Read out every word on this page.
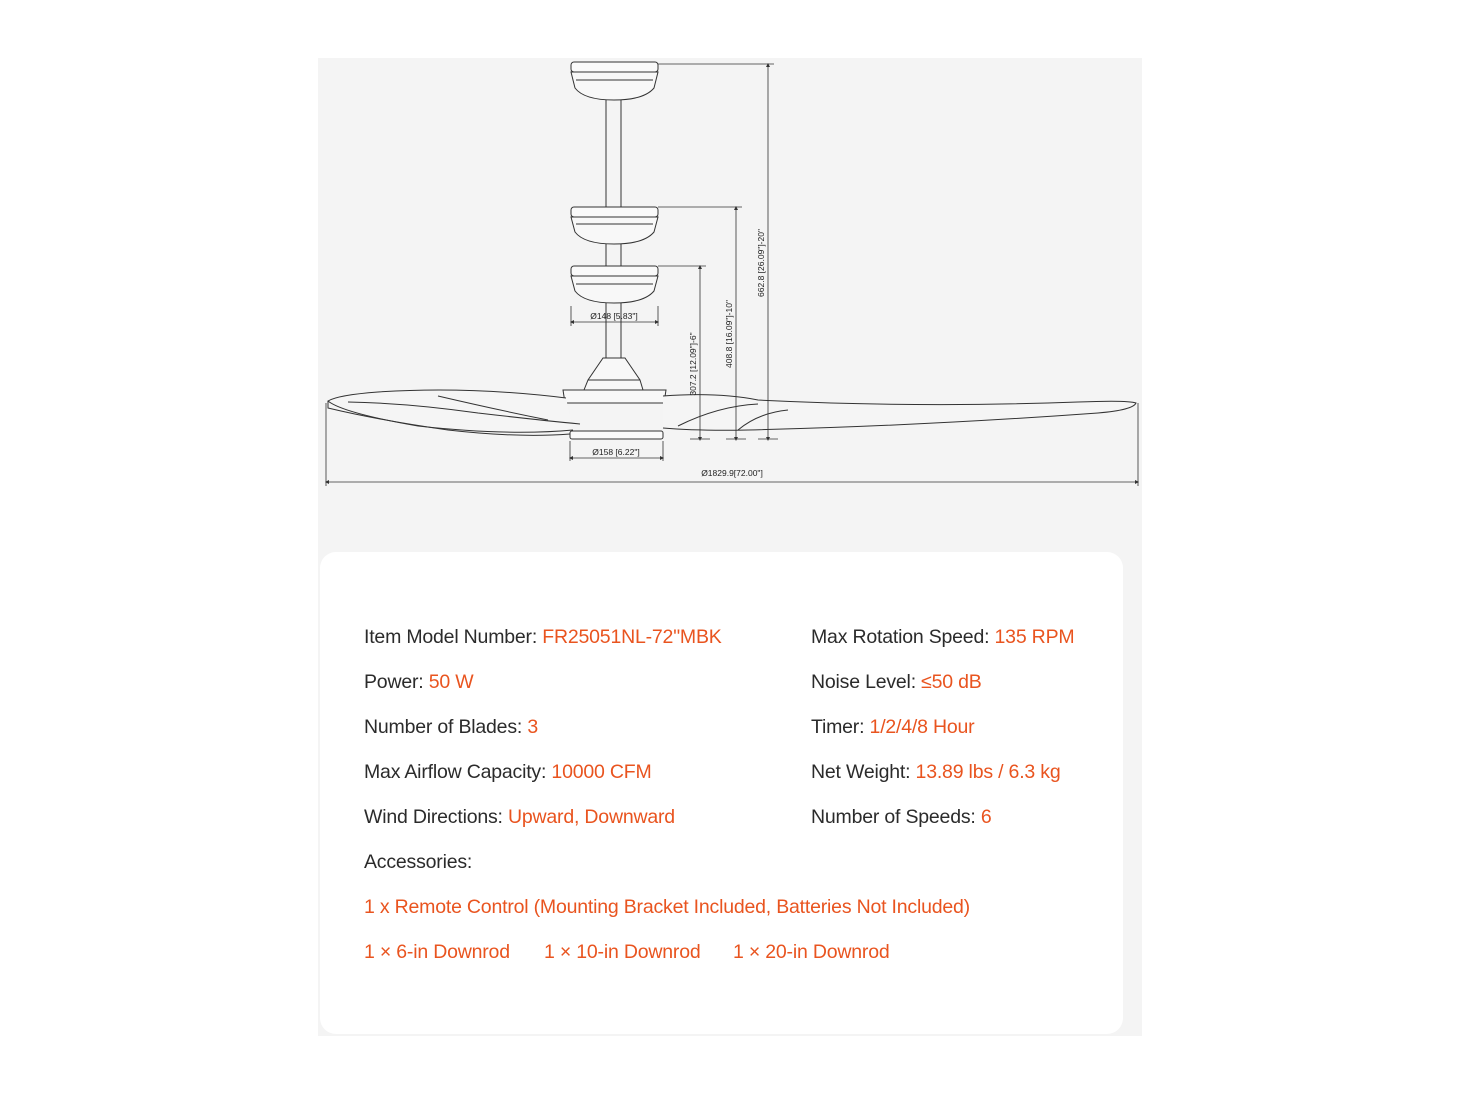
Ø148 [5.83"]
Ø158 [6.22"]
Ø1829.9[72.00"]
307.2 [12.09"]-6"	408.8 [16.09"]-10"
662.8 [26.09"]-20"
Item Model Number: FR25051NL-72"MBK
Power: 50 W
Number of Blades: 3
Max Airflow Capacity: 10000 CFM
Wind Directions: Upward, Downward
Max Rotation Speed: 135 RPM
Noise Level: ≤50 dB
Timer: 1/2/4/8 Hour
Net Weight: 13.89 lbs / 6.3 kg
Number of Speeds: 6
Accessories:
1 x Remote Control (Mounting Bracket Included, Batteries Not Included)
1 × 6-in Downrod 1 × 10-in Downrod 1 × 20-in Downrod
